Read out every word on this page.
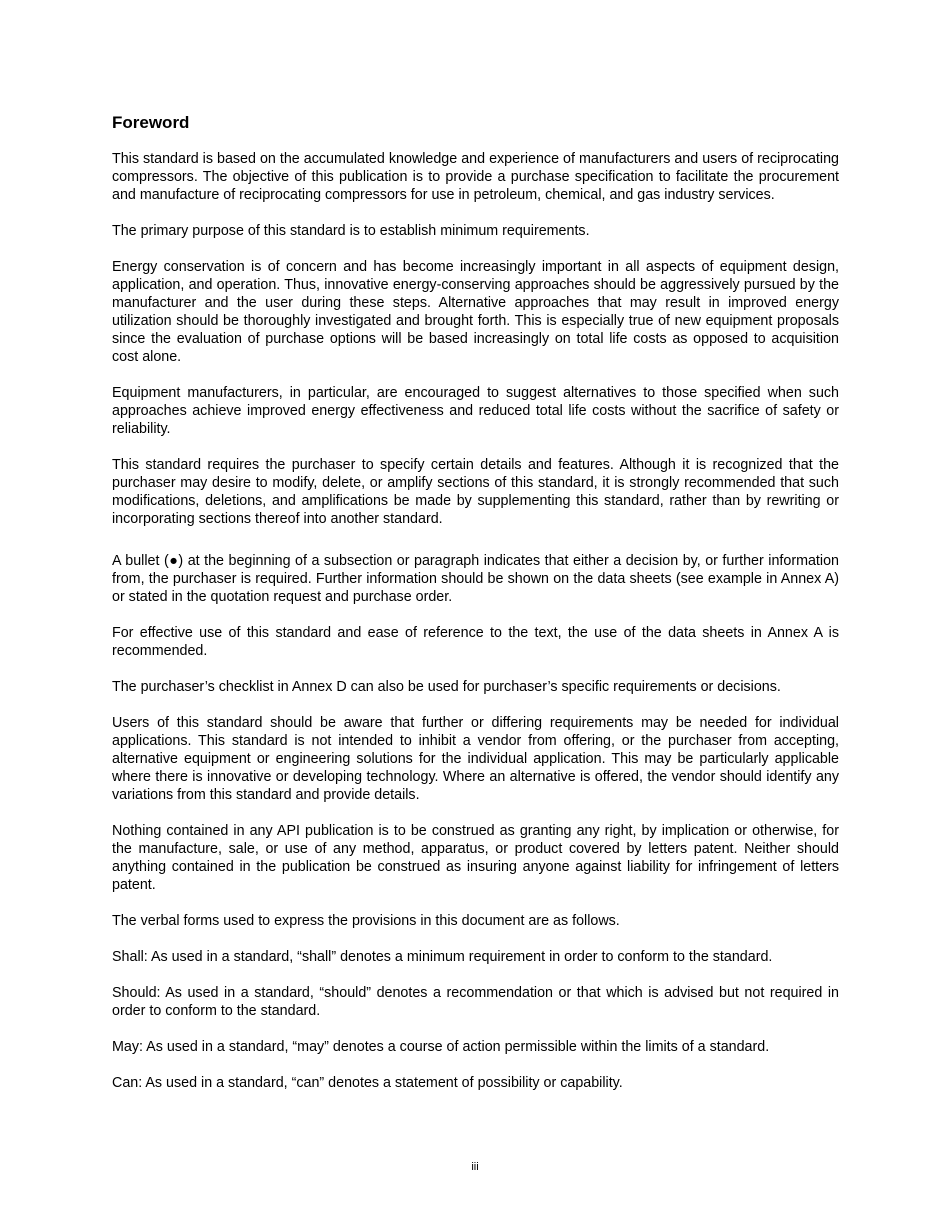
Foreword

This standard is based on the accumulated knowledge and experience of manufacturers and users of reciprocating compressors. The objective of this publication is to provide a purchase specification to facilitate the procurement and manufacture of reciprocating compressors for use in petroleum, chemical, and gas industry services.

The primary purpose of this standard is to establish minimum requirements.

Energy conservation is of concern and has become increasingly important in all aspects of equipment design, application, and operation. Thus, innovative energy-conserving approaches should be aggressively pursued by the manufacturer and the user during these steps. Alternative approaches that may result in improved energy utilization should be thoroughly investigated and brought forth. This is especially true of new equipment proposals since the evaluation of purchase options will be based increasingly on total life costs as opposed to acquisition cost alone.

Equipment manufacturers, in particular, are encouraged to suggest alternatives to those specified when such approaches achieve improved energy effectiveness and reduced total life costs without the sacrifice of safety or reliability.

This standard requires the purchaser to specify certain details and features. Although it is recognized that the purchaser may desire to modify, delete, or amplify sections of this standard, it is strongly recommended that such modifications, deletions, and amplifications be made by supplementing this standard, rather than by rewriting or incorporating sections thereof into another standard.

A bullet (●) at the beginning of a subsection or paragraph indicates that either a decision by, or further information from, the purchaser is required. Further information should be shown on the data sheets (see example in Annex A) or stated in the quotation request and purchase order.

For effective use of this standard and ease of reference to the text, the use of the data sheets in Annex A is recommended.

The purchaser’s checklist in Annex D can also be used for purchaser’s specific requirements or decisions.

Users of this standard should be aware that further or differing requirements may be needed for individual applications. This standard is not intended to inhibit a vendor from offering, or the purchaser from accepting, alternative equipment or engineering solutions for the individual application. This may be particularly applicable where there is innovative or developing technology. Where an alternative is offered, the vendor should identify any variations from this standard and provide details.

Nothing contained in any API publication is to be construed as granting any right, by implication or otherwise, for the manufacture, sale, or use of any method, apparatus, or product covered by letters patent. Neither should anything contained in the publication be construed as insuring anyone against liability for infringement of letters patent.

The verbal forms used to express the provisions in this document are as follows.

Shall: As used in a standard, “shall” denotes a minimum requirement in order to conform to the standard.

Should: As used in a standard, “should” denotes a recommendation or that which is advised but not required in order to conform to the standard.

May: As used in a standard, “may” denotes a course of action permissible within the limits of a standard.

Can: As used in a standard, “can” denotes a statement of possibility or capability.

iii
